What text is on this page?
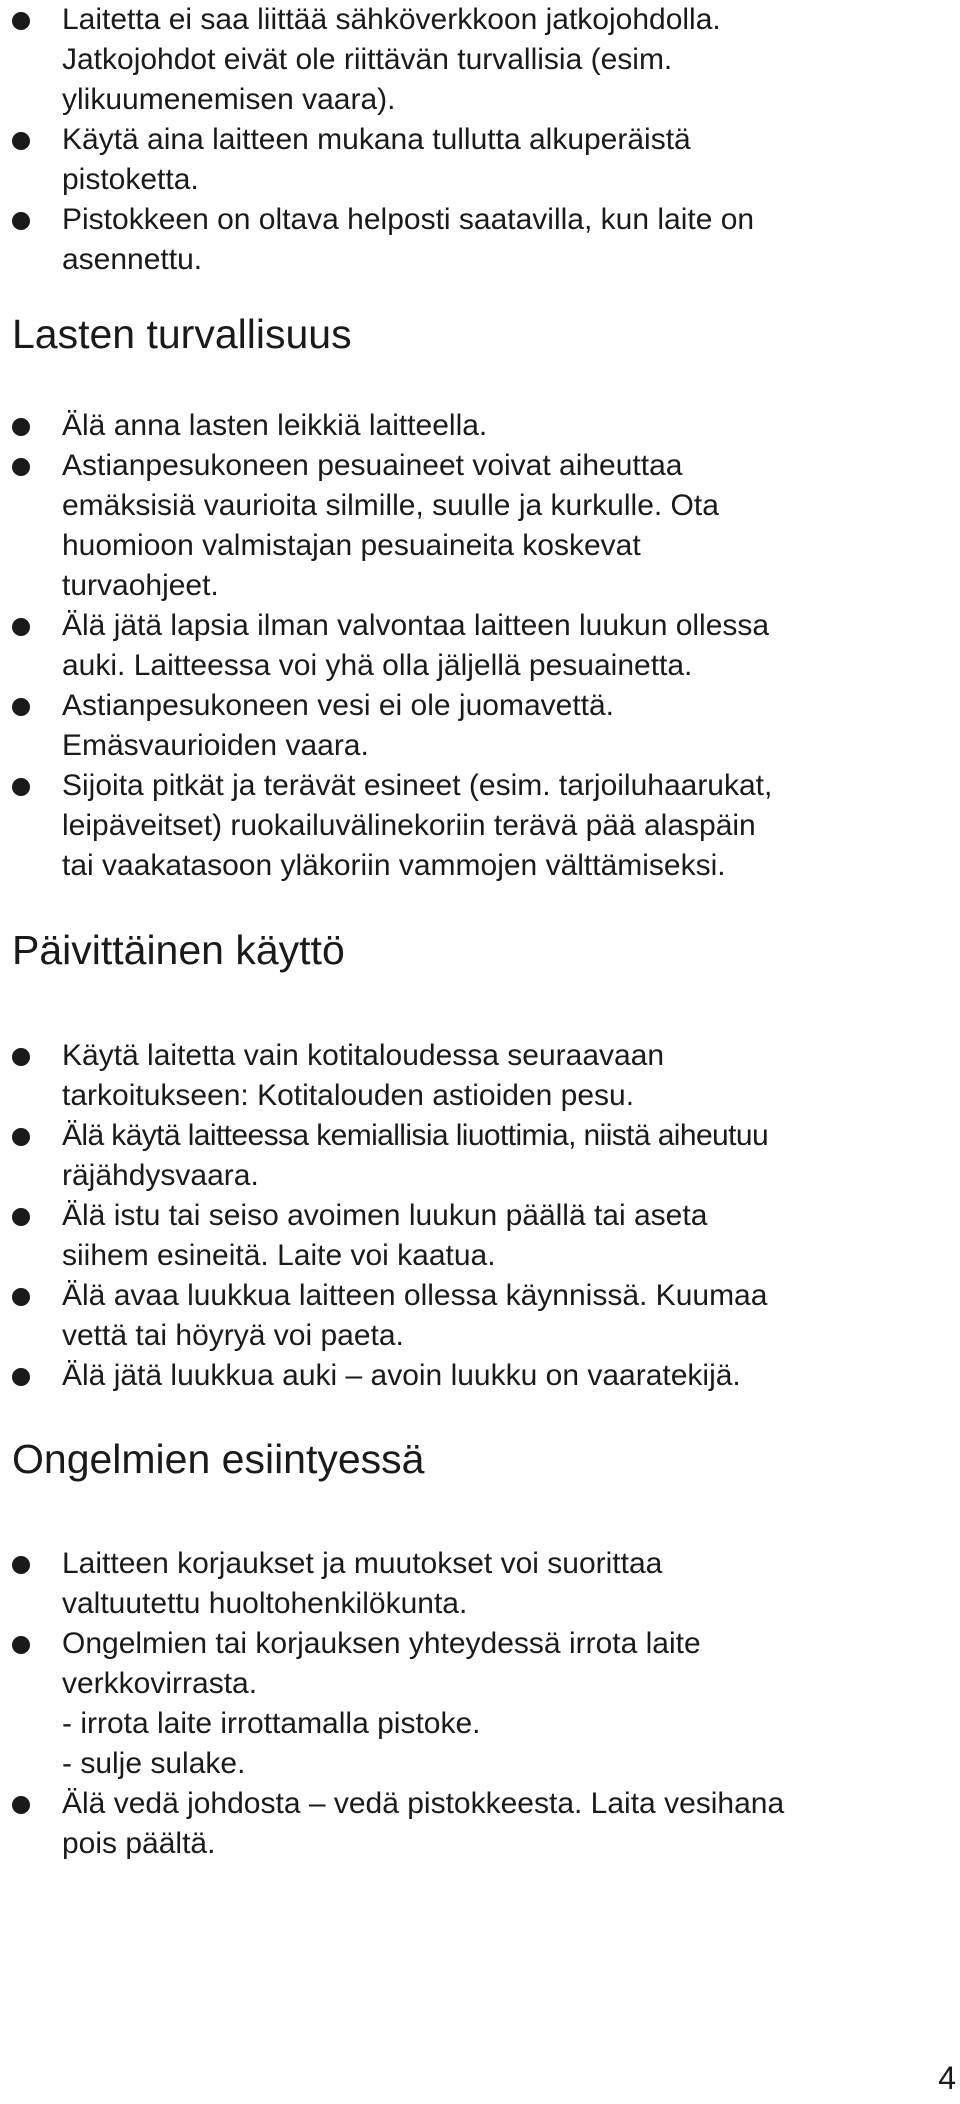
Laitetta ei saa liittää sähköverkkoon jatkojohdolla.
Jatkojohdot eivät ole riittävän turvallisia (esim.
ylikuumenemisen vaara).
Käytä aina laitteen mukana tullutta alkuperäistä
pistoketta.
Pistokkeen on oltava helposti saatavilla, kun laite on
asennettu.
Lasten turvallisuus
Älä anna lasten leikkiä laitteella.
Astianpesukoneen pesuaineet voivat aiheuttaa
emäksisiä vaurioita silmille, suulle ja kurkulle. Ota
huomioon valmistajan pesuaineita koskevat
turvaohjeet.
Älä jätä lapsia ilman valvontaa laitteen luukun ollessa
auki. Laitteessa voi yhä olla jäljellä pesuainetta.
Astianpesukoneen vesi ei ole juomavettä.
Emäsvaurioiden vaara.
Sijoita pitkät ja terävät esineet (esim. tarjoiluhaarukat,
leipäveitset) ruokailuvälinekoriin terävä pää alaspäin
tai vaakatasoon yläkoriin vammojen välttämiseksi.
Päivittäinen käyttö
Käytä laitetta vain kotitaloudessa seuraavaan
tarkoitukseen: Kotitalouden astioiden pesu.
Älä käytä laitteessa kemiallisia liuottimia, niistä aiheutuu
räjähdysvaara.
Älä istu tai seiso avoimen luukun päällä tai aseta
siihem esineitä. Laite voi kaatua.
Älä avaa luukkua laitteen ollessa käynnissä. Kuumaa
vettä tai höyryä voi paeta.
Älä jätä luukkua auki – avoin luukku on vaaratekijä.
Ongelmien esiintyessä
Laitteen korjaukset ja muutokset voi suorittaa
valtuutettu huoltohenkilökunta.
Ongelmien tai korjauksen yhteydessä irrota laite
verkkovirrasta.
- irrota laite irrottamalla pistoke.
- sulje sulake.
Älä vedä johdosta – vedä pistokkeesta. Laita vesihana
pois päältä.
4
